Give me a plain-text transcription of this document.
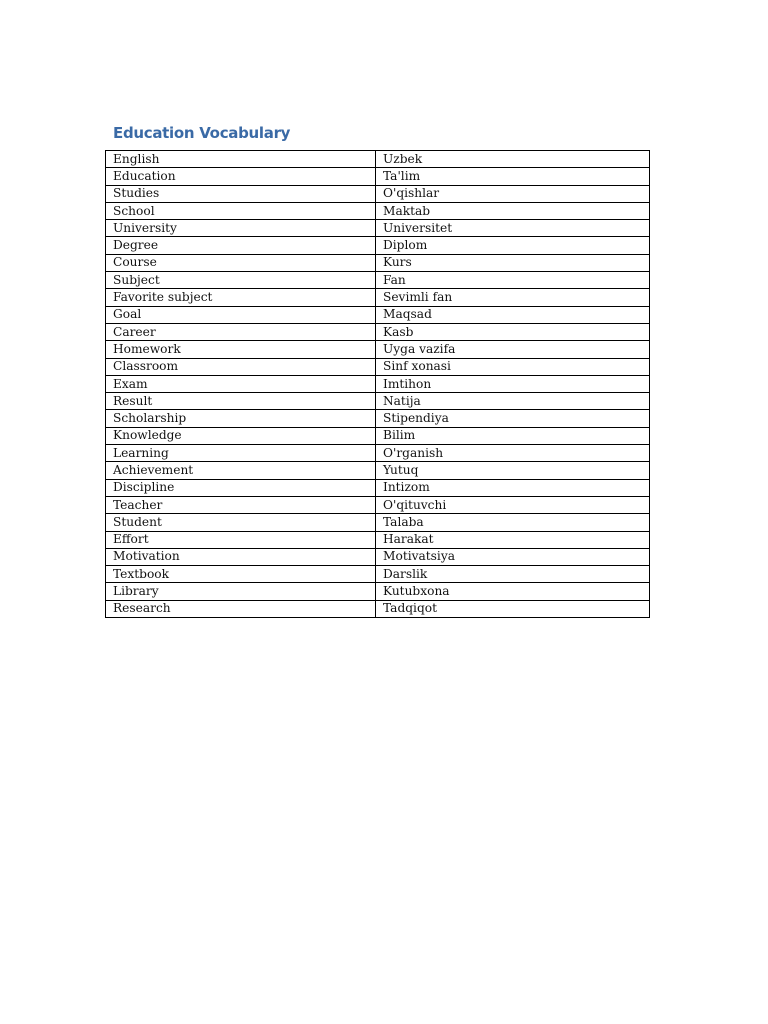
Education Vocabulary
English	Uzbek
Education	Ta'lim
Studies	O'qishlar
School	Maktab
University	Universitet
Degree	Diplom
Course	Kurs
Subject	Fan
Favorite subject	Sevimli fan
Goal	Maqsad
Career	Kasb
Homework	Uyga vazifa
Classroom	Sinf xonasi
Exam	Imtihon
Result	Natija
Scholarship	Stipendiya
Knowledge	Bilim
Learning	O'rganish
Achievement	Yutuq
Discipline	Intizom
Teacher	O'qituvchi
Student	Talaba
Effort	Harakat
Motivation	Motivatsiya
Textbook	Darslik
Library	Kutubxona
Research	Tadqiqot
